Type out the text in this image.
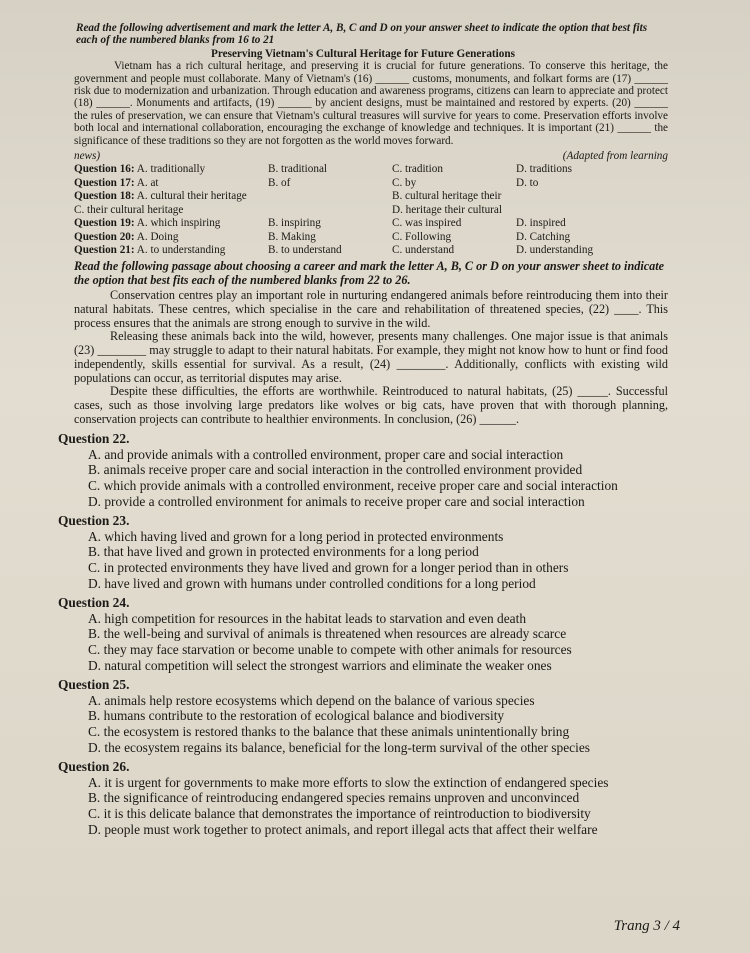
Read the following advertisement and mark the letter A, B, C and D on your answer sheet to indicate the option that best fits each of the numbered blanks from 16 to 21

Preserving Vietnam's Cultural Heritage for Future Generations

Vietnam has a rich cultural heritage, and preserving it is crucial for future generations. To conserve this heritage, the government and people must collaborate. Many of Vietnam's (16) ______ customs, monuments, and folkart forms are (17) ______ risk due to modernization and urbanization. Through education and awareness programs, citizens can learn to appreciate and protect (18) ______. Monuments and artifacts, (19) ______ by ancient designs, must be maintained and restored by experts. (20) ______ the rules of preservation, we can ensure that Vietnam's cultural treasures will survive for years to come. Preservation efforts involve both local and international collaboration, encouraging the exchange of knowledge and techniques. It is important (21) ______ the significance of these traditions so they are not forgotten as the world moves forward.

news)	(Adapted from learning
Question 16: A. traditionally	B. traditional	C. tradition	D. traditions
Question 17: A. at	B. of	C. by	D. to
Question 18: A. cultural their heritage	B. cultural heritage their
C. their cultural heritage	D. heritage their cultural
Question 19: A. which inspiring	B. inspiring	C. was inspired	D. inspired
Question 20: A. Doing	B. Making	C. Following	D. Catching
Question 21: A. to understanding	B. to understand	C. understand	D. understanding

Read the following passage about choosing a career and mark the letter A, B, C or D on your answer sheet to indicate the option that best fits each of the numbered blanks from 22 to 26.

Conservation centres play an important role in nurturing endangered animals before reintroducing them into their natural habitats. These centres, which specialise in the care and rehabilitation of threatened species, (22) ____. This process ensures that the animals are strong enough to survive in the wild.

Releasing these animals back into the wild, however, presents many challenges. One major issue is that animals (23) ________ may struggle to adapt to their natural habitats. For example, they might not know how to hunt or find food independently, skills essential for survival. As a result, (24) ________. Additionally, conflicts with existing wild populations can occur, as territorial disputes may arise.

Despite these difficulties, the efforts are worthwhile. Reintroduced to natural habitats, (25) _____. Successful cases, such as those involving large predators like wolves or big cats, have proven that with thorough planning, conservation projects can contribute to healthier environments. In conclusion, (26) ______.

Question 22.
A. and provide animals with a controlled environment, proper care and social interaction
B. animals receive proper care and social interaction in the controlled environment provided
C. which provide animals with a controlled environment, receive proper care and social interaction
D. provide a controlled environment for animals to receive proper care and social interaction
Question 23.
A. which having lived and grown for a long period in protected environments
B. that have lived and grown in protected environments for a long period
C. in protected environments they have lived and grown for a longer period than in others
D. have lived and grown with humans under controlled conditions for a long period
Question 24.
A. high competition for resources in the habitat leads to starvation and even death
B. the well-being and survival of animals is threatened when resources are already scarce
C. they may face starvation or become unable to compete with other animals for resources
D. natural competition will select the strongest warriors and eliminate the weaker ones
Question 25.
A. animals help restore ecosystems which depend on the balance of various species
B. humans contribute to the restoration of ecological balance and biodiversity
C. the ecosystem is restored thanks to the balance that these animals unintentionally bring
D. the ecosystem regains its balance, beneficial for the long-term survival of the other species
Question 26.
A. it is urgent for governments to make more efforts to slow the extinction of endangered species
B. the significance of reintroducing endangered species remains unproven and unconvinced
C. it is this delicate balance that demonstrates the importance of reintroduction to biodiversity
D. people must work together to protect animals, and report illegal acts that affect their welfare
Trang 3 / 4
